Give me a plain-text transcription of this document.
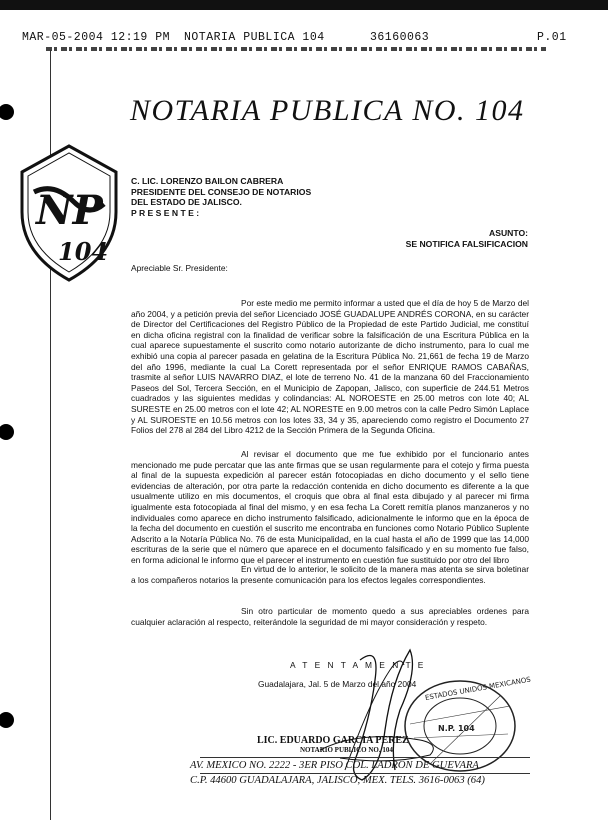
MAR-05-2004 12:19 PM NOTARIA PUBLICA 104	36160063	P.01
NOTARIA PUBLICA NO. 104
NP
104
C. LIC. LORENZO BAILON CABRERA
PRESIDENTE DEL CONSEJO DE NOTARIOS
DEL ESTADO DE JALISCO.
P R E S E N T E :
ASUNTO:
SE NOTIFICA FALSIFICACION
Apreciable Sr. Presidente:
Por este medio me permito informar a usted que el día de hoy 5 de Marzo del año 2004, y a petición previa del señor Licenciado JOSÉ GUADALUPE ANDRÉS CORONA, en su carácter de Director del Certificaciones del Registro Público de la Propiedad de este Partido Judicial, me constituí en dicha oficina registral con la finalidad de verificar sobre la falsificación de una Escritura Pública en la cual aparece supuestamente el suscrito como notario autorizante de dicho instrumento, para lo cual me exhibió una copia al parecer pasada en gelatina de la Escritura Pública No. 21,661 de fecha 19 de Marzo del año 1996, mediante la cual La Corett representada por el señor ENRIQUE RAMOS CABAÑAS, trasmite al señor LUIS NAVARRO DIAZ, el lote de terreno No. 41 de la manzana 60 del Fraccionamiento Paseos del Sol, Tercera Sección, en el Municipio de Zapopan, Jalisco, con superficie de 244.51 Metros cuadrados y las siguientes medidas y colindancias: AL NOROESTE en 25.00 metros con lote 40; AL SURESTE en 25.00 metros con el lote 42; AL NORESTE en 9.00 metros con la calle Pedro Simón Laplace y AL SUROESTE en 10.56 metros con los lotes 33, 34 y 35, apareciendo como registro el Documento 27 Folios del 278 al 284 del Libro 4212 de la Sección Primera de la Segunda Oficina.
Al revisar el documento que me fue exhibido por el funcionario antes mencionado me pude percatar que las ante firmas que se usan regularmente para el cotejo y firma puesta al final de la supuesta expedición al parecer están fotocopiadas en dicho documento y el sello tiene evidencias de alteración, por otra parte la redacción contenida en dicho documento es diferente a la que usualmente utilizo en mis documentos, el croquis que obra al final esta dibujado y al parecer mi firma igualmente esta fotocopiada al final del mismo, y en esa fecha La Corett remitía planos manzaneros y no individuales como aparece en dicho instrumento falsificado, adicionalmente le informo que en la época de la fecha del documento en cuestión el suscrito me encontraba en funciones como Notario Público Suplente Adscrito a la Notaría Pública No. 76 de esta Municipalidad, en la cual hasta el año de 1999 que las 14,000 escrituras de la serie que el número que aparece en el documento falsificado y en su momento fue falso, en forma adicional le informo que el parecer el instrumento en cuestión fue sustituido por otro del libro
En virtud de lo anterior, le solicito de la manera mas atenta se sirva boletinar a los compañeros notarios la presente comunicación para los efectos legales correspondientes.
Sin otro particular de momento quedo a sus apreciables ordenes para cualquier aclaración al respecto, reiterándole la seguridad de mi mayor consideración y respeto.
A T E N T A M E N T E
Guadalajara, Jal. 5 de Marzo del año 2004 ESTADOS UNIDOS MEXICANOS
N.P. 104
LIC. EDUARDO GARCIA PEREZ
NOTARIO PUBLICO NO. 104
AV. MEXICO NO. 2222 - 3ER PISO COL. LADRON DE GUEVARA
C.P. 44600 GUADALAJARA, JALISCO, MEX. TELS. 3616-0063 (64)
